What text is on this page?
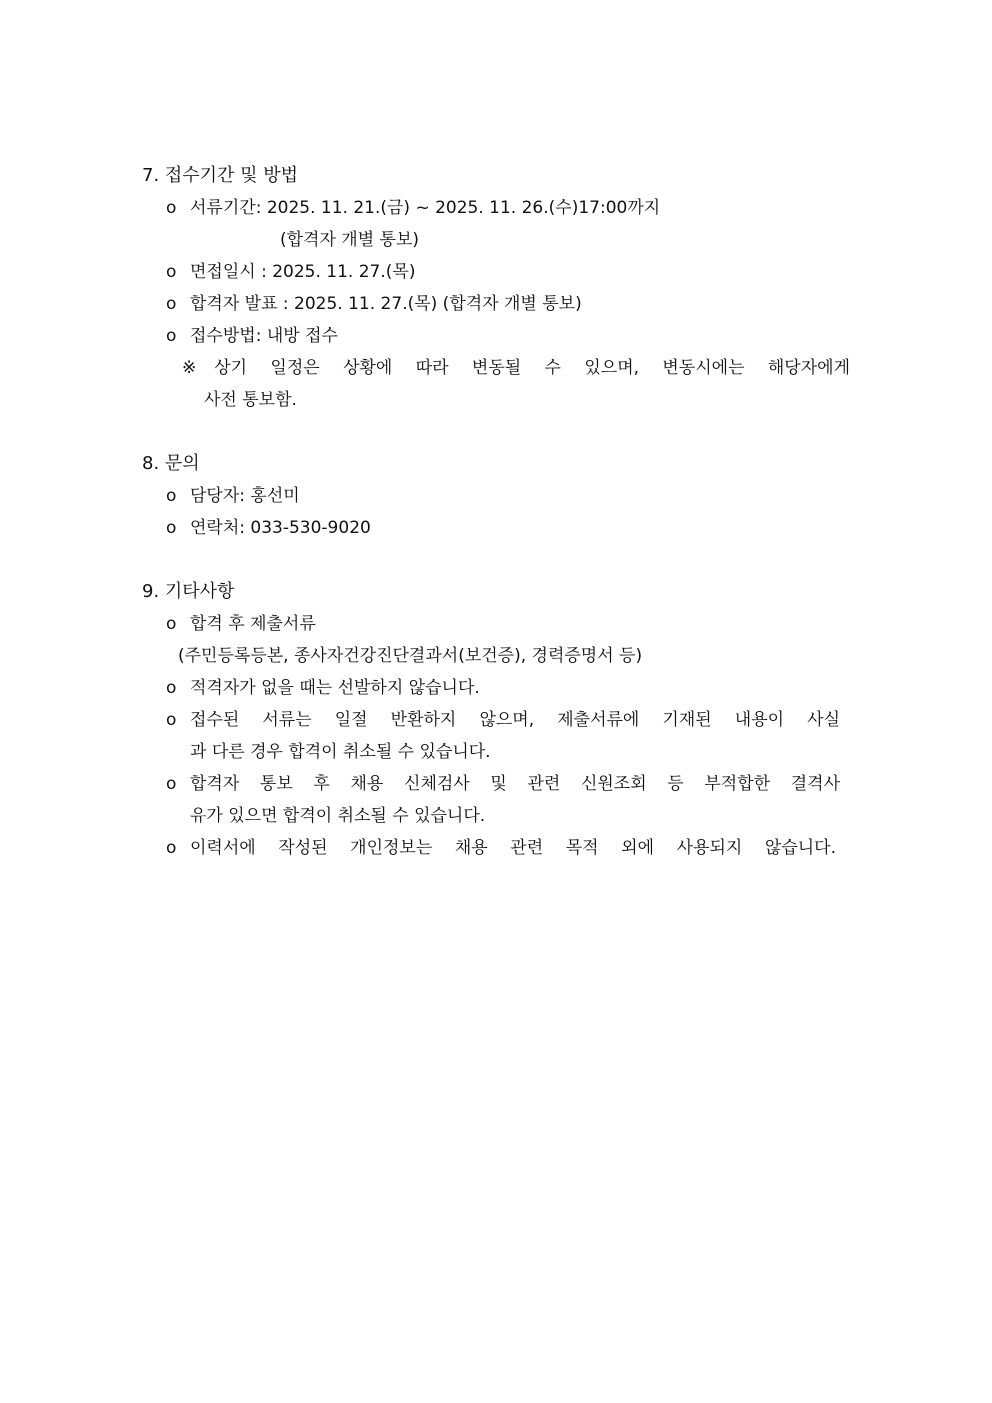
7. 접수기간 및 방법
o 서류기간: 2025. 11. 21.(금) ~ 2025. 11. 26.(수)17:00까지
(합격자 개별 통보)
o 면접일시 : 2025. 11. 27.(목)
o 합격자 발표 : 2025. 11. 27.(목) (합격자 개별 통보)
o 접수방법: 내방 접수
※상기 일정은 상황에 따라 변동될 수 있으며, 변동시에는 해당자에게
사전 통보함.
8. 문의
o 담당자: 홍선미
o 연락처: 033-530-9020
9. 기타사항
o 합격 후 제출서류
(주민등록등본, 종사자건강진단결과서(보건증), 경력증명서 등)
o 적격자가 없을 때는 선발하지 않습니다.
o 접수된 서류는 일절 반환하지 않으며, 제출서류에 기재된 내용이 사실
과 다른 경우 합격이 취소될 수 있습니다.
o 합격자 통보 후 채용 신체검사 및 관련 신원조회 등 부적합한 결격사
유가 있으면 합격이 취소될 수 있습니다.
o 이력서에 작성된 개인정보는 채용 관련 목적 외에 사용되지 않습니다.
